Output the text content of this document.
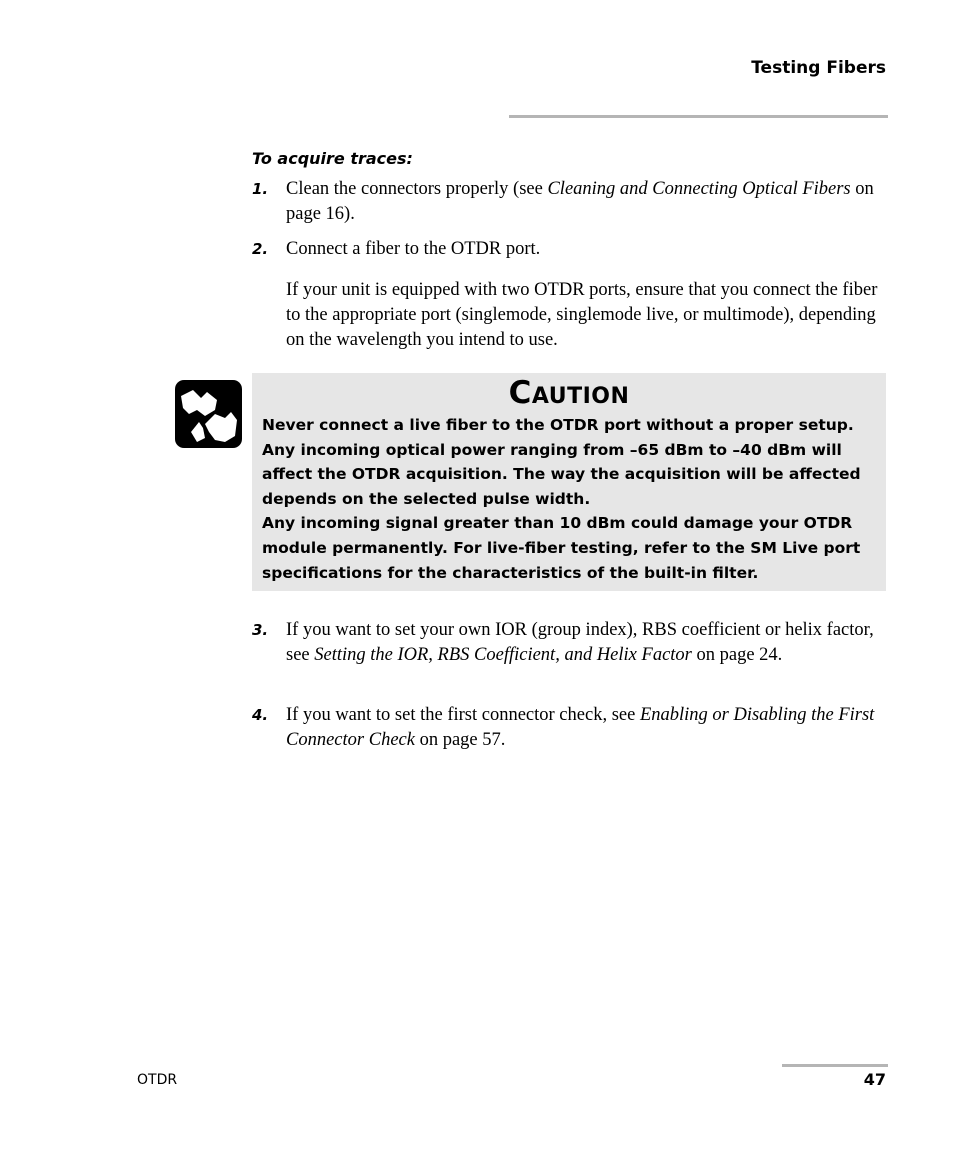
Testing Fibers
To acquire traces:
1. Clean the connectors properly (see Cleaning and Connecting Optical Fibers on page 16).
2. Connect a fiber to the OTDR port.
If your unit is equipped with two OTDR ports, ensure that you connect the fiber to the appropriate port (singlemode, singlemode live, or multimode), depending on the wavelength you intend to use.
Caution

Never connect a live fiber to the OTDR port without a proper setup. Any incoming optical power ranging from –65 dBm to –40 dBm will affect the OTDR acquisition. The way the acquisition will be affected depends on the selected pulse width.

Any incoming signal greater than 10 dBm could damage your OTDR module permanently. For live-fiber testing, refer to the SM Live port specifications for the characteristics of the built-in filter.

3. If you want to set your own IOR (group index), RBS coefficient or helix factor, see Setting the IOR, RBS Coefficient, and Helix Factor on page 24.
4. If you want to set the first connector check, see Enabling or Disabling the First Connector Check on page 57.
OTDR	47
